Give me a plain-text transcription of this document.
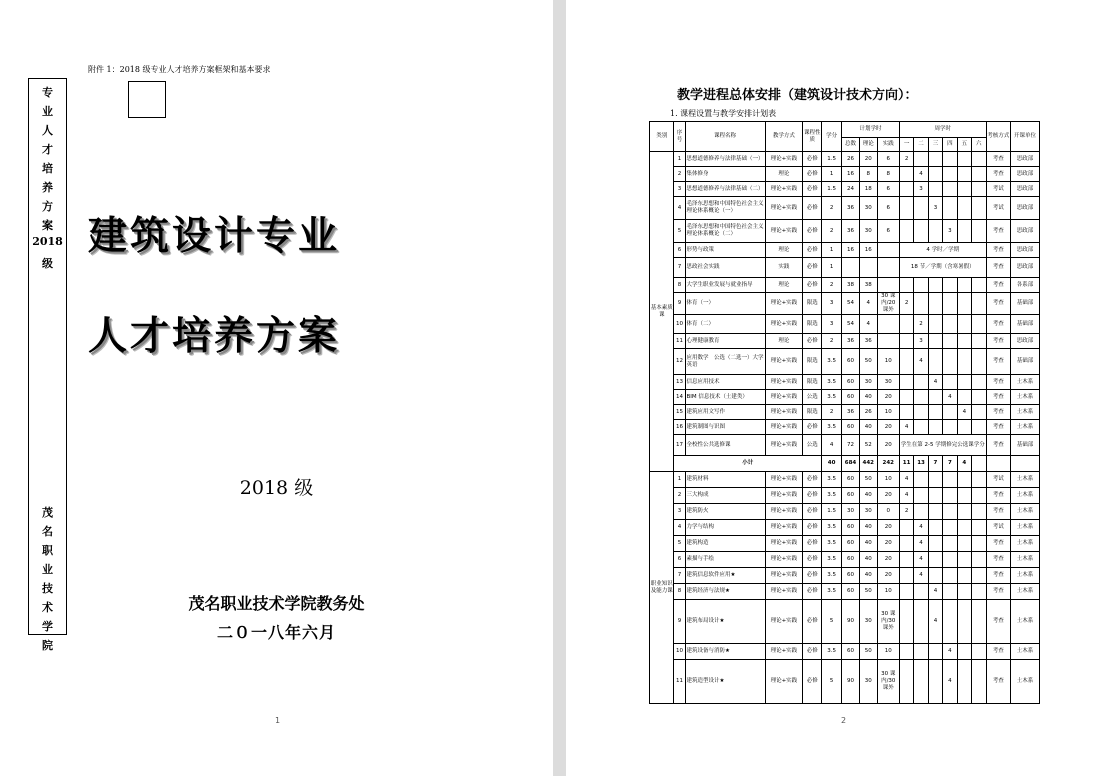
附件 1：2018 级专业人才培养方案框架和基本要求
专
业
人
才
培
养
方
案
2018
级
茂
名
职
业
技
术
学
院
建筑设计专业
人才培养方案
2018 级
茂名职业技术学院教务处
二０一八年六月
1
教学进程总体安排（建筑设计技术方向）：
1. 课程设置与教学安排计划表
类别	序号	课程名称	教学方式	课程性质	学分	计划学时			周学时						考核方式	开课单位
						总数	理论	实践	一	二	三	四	五	六		
基本素质课	1	思想道德修养与法律基础（一）	理论+实践	必修	1.5	26	20	6	2						考查	思政部
	2	集体修身	理论	必修	1	16	8	8		4					考查	思政部
	3	思想道德修养与法律基础（二）	理论+实践	必修	1.5	24	18	6		3					考试	思政部
	4	毛泽东思想和中国特色社会主义理论体系概论（一）	理论+实践	必修	2	36	30	6			3				考试	思政部
	5	毛泽东思想和中国特色社会主义理论体系概论（二）	理论+实践	必修	2	36	30	6				3			考查	思政部
	6	形势与政策	理论	必修	1	16	16		4 学时／学期						考查	思政部
	7	思政社会实践	实践	必修	1				18 节／学期（含寒暑假）						考查	思政部
	8	大学生职业发展与就业指导	理论	必修	2	38	38								考查	各系部
	9	体育（一）	理论+实践	限选	3	54	4	30 课内/20 课外	2						考查	基础部
	10	体育（二）	理论+实践	限选	3	54	4			2					考查	基础部
	11	心理健康教育	理论	必修	2	36	36			3					考查	思政部
	12	应用数学　公选（二选一）大学英语	理论+实践	限选	3.5	60	50	10		4					考查	基础部
	13	信息应用技术	理论+实践	限选	3.5	60	30	30			4				考查	土木系
	14	BIM 信息技术（土建类）	理论+实践	公选	3.5	60	40	20				4			考查	土木系
	15	建筑应用文写作	理论+实践	限选	2	36	26	10					4		考查	土木系
	16	建筑制图与识图	理论+实践	必修	3.5	60	40	20	4						考查	土木系
	17	全校性公共选修课	理论+实践	公选	4	72	52	20	学生在第 2-5 学期修完公选课学分						考查	基础部
	小计				40	684	442	242	11	13	7	7	4			
职业知识及能力课	1	建筑材料	理论+实践	必修	3.5	60	50	10	4						考试	土木系
	2	三大构成	理论+实践	必修	3.5	60	40	20	4						考查	土木系
	3	建筑防火	理论+实践	必修	1.5	30	30	0	2						考查	土木系
	4	力学与结构	理论+实践	必修	3.5	60	40	20		4					考试	土木系
	5	建筑构造	理论+实践	必修	3.5	60	40	20		4					考查	土木系
	6	素描与手绘	理论+实践	必修	3.5	60	40	20		4					考查	土木系
	7	建筑信息软件应用★	理论+实践	必修	3.5	60	40	20		4					考查	土木系
	8	建筑经济与法规★	理论+实践	必修	3.5	60	50	10			4				考查	土木系
	9	建筑布局设计★	理论+实践	必修	5	90	30	30 课内/30 课外			4				考查	土木系
	10	建筑设备与消防★	理论+实践	必修	3.5	60	50	10				4			考查	土木系
	11	建筑造型设计★	理论+实践	必修	5	90	30	30 课内/30 课外				4			考查	土木系
2
